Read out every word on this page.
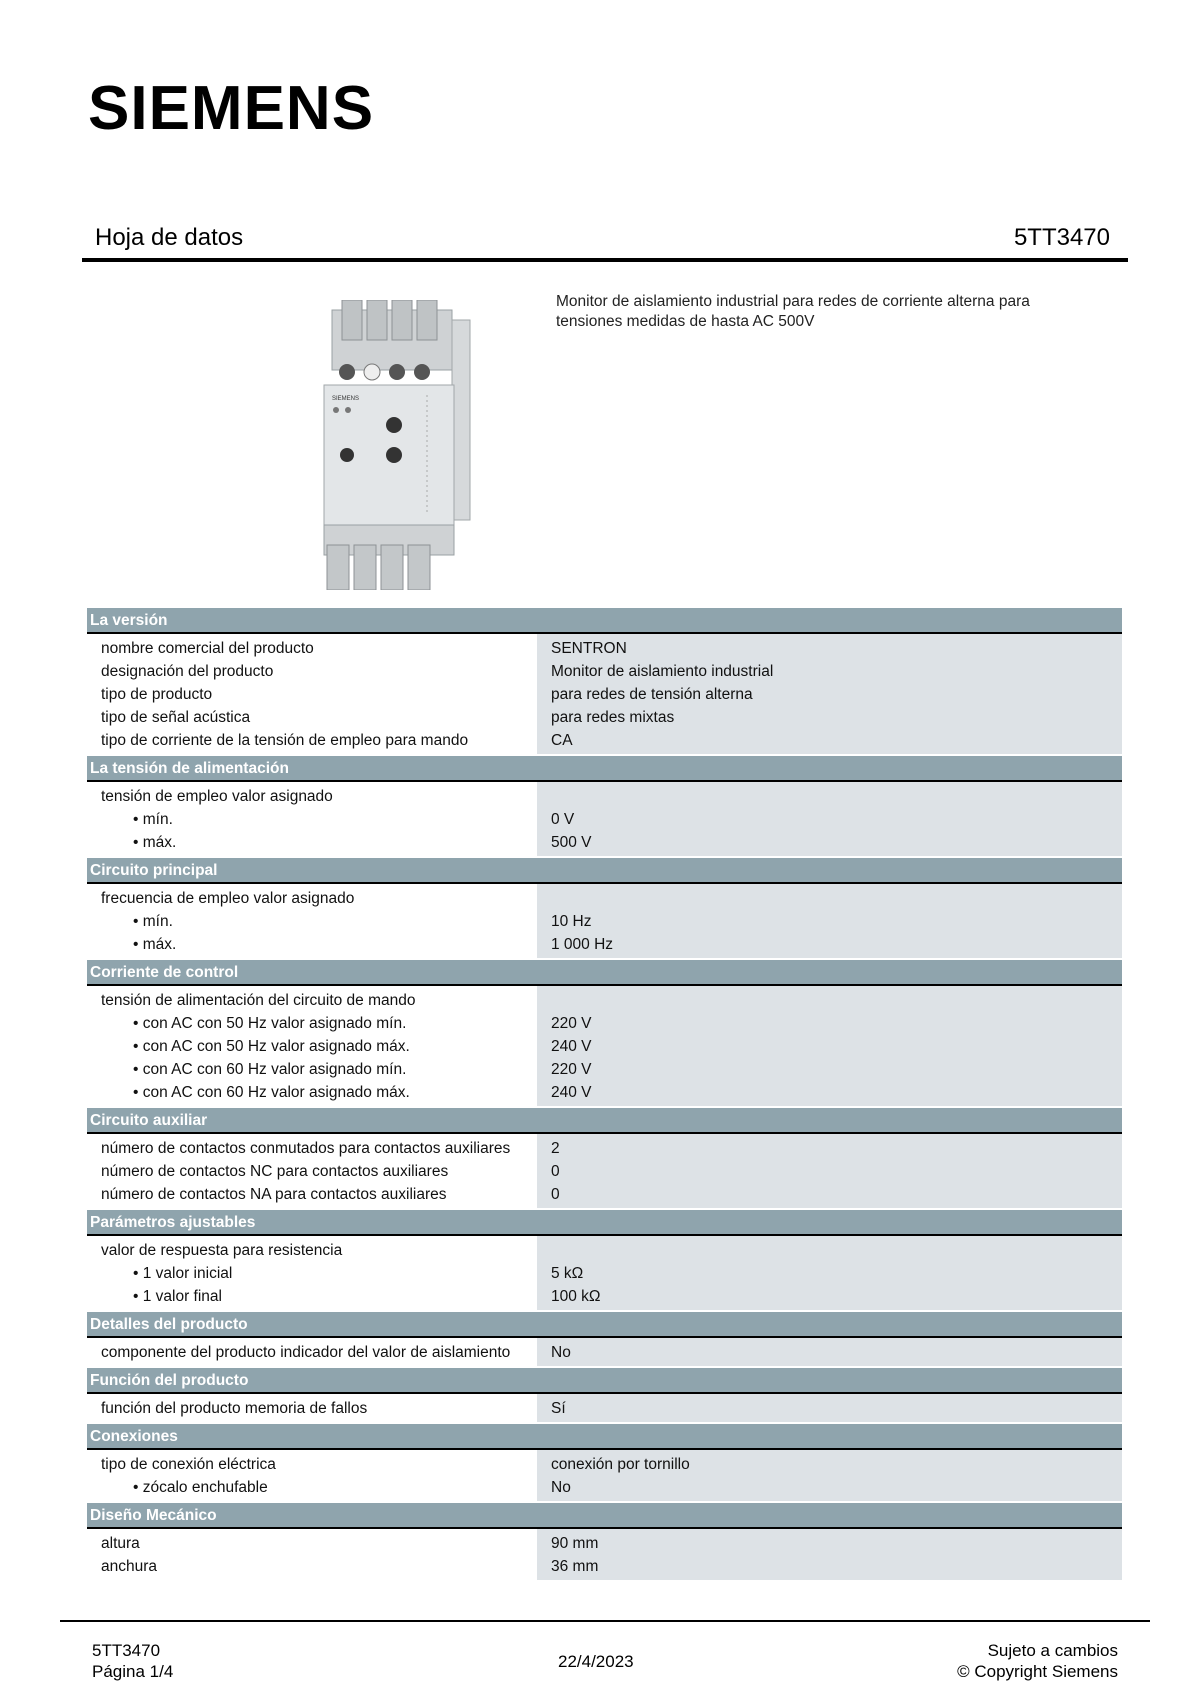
SIEMENS
Hoja de datos	5TT3470
SIEMENS
Monitor de aislamiento industrial para redes de corriente alterna para tensiones medidas de hasta AC 500V
La versión
nombre comercial del producto	SENTRON
designación del producto	Monitor de aislamiento industrial
tipo de producto	para redes de tensión alterna
tipo de señal acústica	para redes mixtas
tipo de corriente de la tensión de empleo para mando	CA
La tensión de alimentación
tensión de empleo valor asignado
• mín.	0 V
• máx.	500 V
Circuito principal
frecuencia de empleo valor asignado
• mín.	10 Hz
• máx.	1 000 Hz
Corriente de control
tensión de alimentación del circuito de mando
• con AC con 50 Hz valor asignado mín.	220 V
• con AC con 50 Hz valor asignado máx.	240 V
• con AC con 60 Hz valor asignado mín.	220 V
• con AC con 60 Hz valor asignado máx.	240 V
Circuito auxiliar
número de contactos conmutados para contactos auxiliares	2
número de contactos NC para contactos auxiliares	0
número de contactos NA para contactos auxiliares	0
Parámetros ajustables
valor de respuesta para resistencia
• 1 valor inicial	5 kΩ
• 1 valor final	100 kΩ
Detalles del producto
componente del producto indicador del valor de aislamiento	No
Función del producto
función del producto memoria de fallos	Sí
Conexiones
tipo de conexión eléctrica	conexión por tornillo
• zócalo enchufable	No
Diseño Mecánico
altura	90 mm
anchura	36 mm
5TT3470
Página 1/4
22/4/2023
Sujeto a cambios
© Copyright Siemens
